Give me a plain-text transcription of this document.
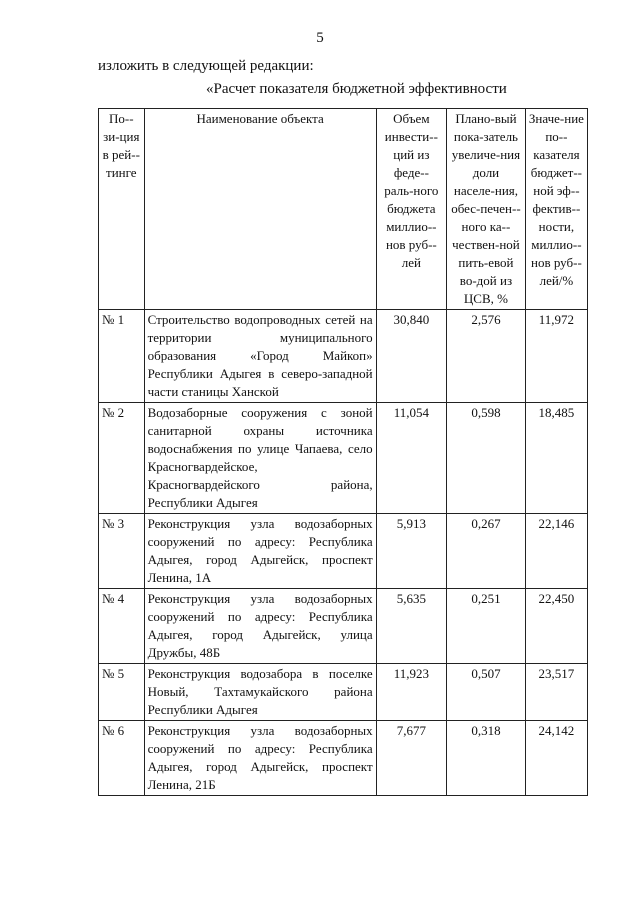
5
изложить в следующей редакции:
«Расчет показателя бюджетной эффективности
По-зи-ция в рей-тинге	Наименование объекта	Объем инвести-ций из феде-раль-ного бюджета миллио-нов руб-лей	Плано-вый пока-затель увеличе-ния доли населе-ния, обес-печен-ного ка-чествен-ной пить-евой во-дой из ЦСВ, %	Значе-ние по-казателя бюджет-ной эф-фектив-ности, миллио-нов руб-лей/%
№ 1	Строительство водопроводных сетей на территории муниципального образования «Город Майкоп» Республики Адыгея в северо-западной части станицы Ханской	30,840	2,576	11,972
№ 2	Водозаборные сооружения с зоной санитарной охраны источника водоснабжения по улице Чапаева, село Красногвардейское, Красногвардейского района, Республики Адыгея	11,054	0,598	18,485
№ 3	Реконструкция узла водозаборных сооружений по адресу: Республика Адыгея, город Адыгейск, проспект Ленина, 1А	5,913	0,267	22,146
№ 4	Реконструкция узла водозаборных сооружений по адресу: Республика Адыгея, город Адыгейск, улица Дружбы, 48Б	5,635	0,251	22,450
№ 5	Реконструкция водозабора в поселке Новый, Тахтамукайского района Республики Адыгея	11,923	0,507	23,517
№ 6	Реконструкция узла водозаборных сооружений по адресу: Республика Адыгея, город Адыгейск, проспект Ленина, 21Б	7,677	0,318	24,142
